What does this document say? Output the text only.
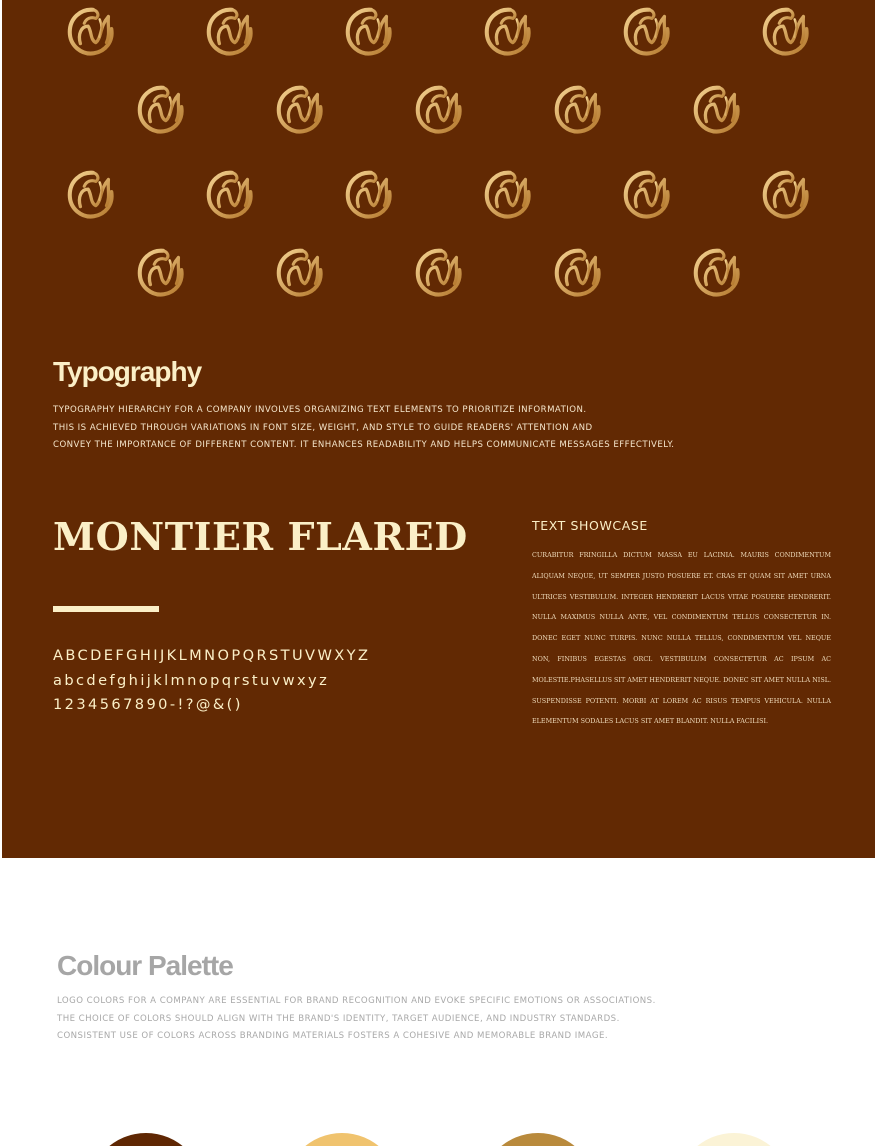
Typography
TYPOGRAPHY HIERARCHY FOR A COMPANY INVOLVES ORGANIZING TEXT ELEMENTS TO PRIORITIZE INFORMATION.
THIS IS ACHIEVED THROUGH VARIATIONS IN FONT SIZE, WEIGHT, AND STYLE TO GUIDE READERS' ATTENTION AND
CONVEY THE IMPORTANCE OF DIFFERENT CONTENT. IT ENHANCES READABILITY AND HELPS COMMUNICATE MESSAGES EFFECTIVELY.
MONTIER FLARED
ABCDEFGHIJKLMNOPQRSTUVWXYZ
abcdefghijklmnopqrstuvwxyz
1234567890-!?@&()
TEXT SHOWCASE
CURABITUR FRINGILLA DICTUM MASSA EU LACINIA. MAURIS CONDIMENTUM ALIQUAM NEQUE, UT SEMPER JUSTO POSUERE ET. CRAS ET QUAM SIT AMET URNA ULTRICES VESTIBULUM. INTEGER HENDRERIT LACUS VITAE POSUERE HENDRERIT. NULLA MAXIMUS NULLA ANTE, VEL CONDIMENTUM TELLUS CONSECTETUR IN. DONEC EGET NUNC TURPIS. NUNC NULLA TELLUS, CONDIMENTUM VEL NEQUE NON, FINIBUS EGESTAS ORCI. VESTIBULUM CONSECTETUR AC IPSUM AC MOLESTIE.PHASELLUS SIT AMET HENDRERIT NEQUE. DONEC SIT AMET NULLA NISL. SUSPENDISSE POTENTI. MORBI AT LOREM AC RISUS TEMPUS VEHICULA. NULLA ELEMENTUM SODALES LACUS SIT AMET BLANDIT. NULLA FACILISI.
Colour Palette
LOGO COLORS FOR A COMPANY ARE ESSENTIAL FOR BRAND RECOGNITION AND EVOKE SPECIFIC EMOTIONS OR ASSOCIATIONS.
THE CHOICE OF COLORS SHOULD ALIGN WITH THE BRAND'S IDENTITY, TARGET AUDIENCE, AND INDUSTRY STANDARDS.
CONSISTENT USE OF COLORS ACROSS BRANDING MATERIALS FOSTERS A COHESIVE AND MEMORABLE BRAND IMAGE.
